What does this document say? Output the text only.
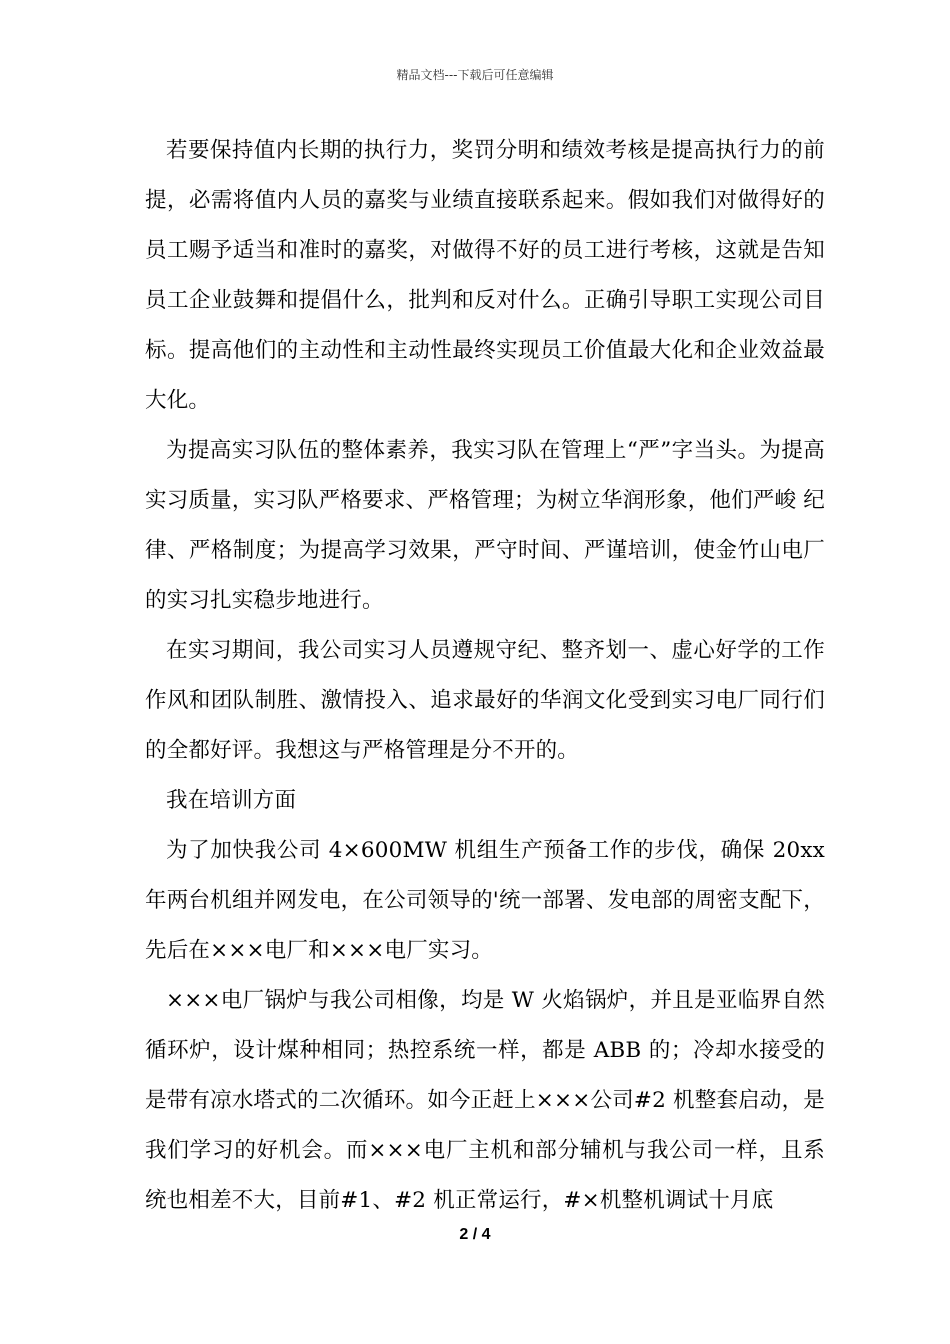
精品文档---下载后可任意编辑

若要保持值内长期的执行力，奖罚分明和绩效考核是提高执行力的前提，必需将值内人员的嘉奖与业绩直接联系起来。假如我们对做得好的员工赐予适当和准时的嘉奖，对做得不好的员工进行考核，这就是告知员工企业鼓舞和提倡什么，批判和反对什么。正确引导职工实现公司目标。提高他们的主动性和主动性最终实现员工价值最大化和企业效益最大化。

为提高实习队伍的整体素养，我实习队在管理上“严”字当头。为提高实习质量，实习队严格要求、严格管理；为树立华润形象，他们严峻 纪律、严格制度；为提高学习效果，严守时间、严谨培训，使金竹山电厂的实习扎实稳步地进行。

在实习期间，我公司实习人员遵规守纪、整齐划一、虚心好学的工作作风和团队制胜、激情投入、追求最好的华润文化受到实习电厂同行们的全都好评。我想这与严格管理是分不开的。

我在培训方面

为了加快我公司 4×600MW 机组生产预备工作的步伐，确保 20xx 年两台机组并网发电，在公司领导的'统一部署、发电部的周密支配下，先后在×××电厂和×××电厂实习。

×××电厂锅炉与我公司相像，均是 W 火焰锅炉，并且是亚临界自然循环炉，设计煤种相同；热控系统一样，都是 ABB 的；冷却水接受的是带有凉水塔式的二次循环。如今正赶上×××公司#2 机整套启动，是我们学习的好机会。而×××电厂主机和部分辅机与我公司一样，且系统也相差不大，目前#1、#2 机正常运行，#×机整机调试十月底

2 / 4
